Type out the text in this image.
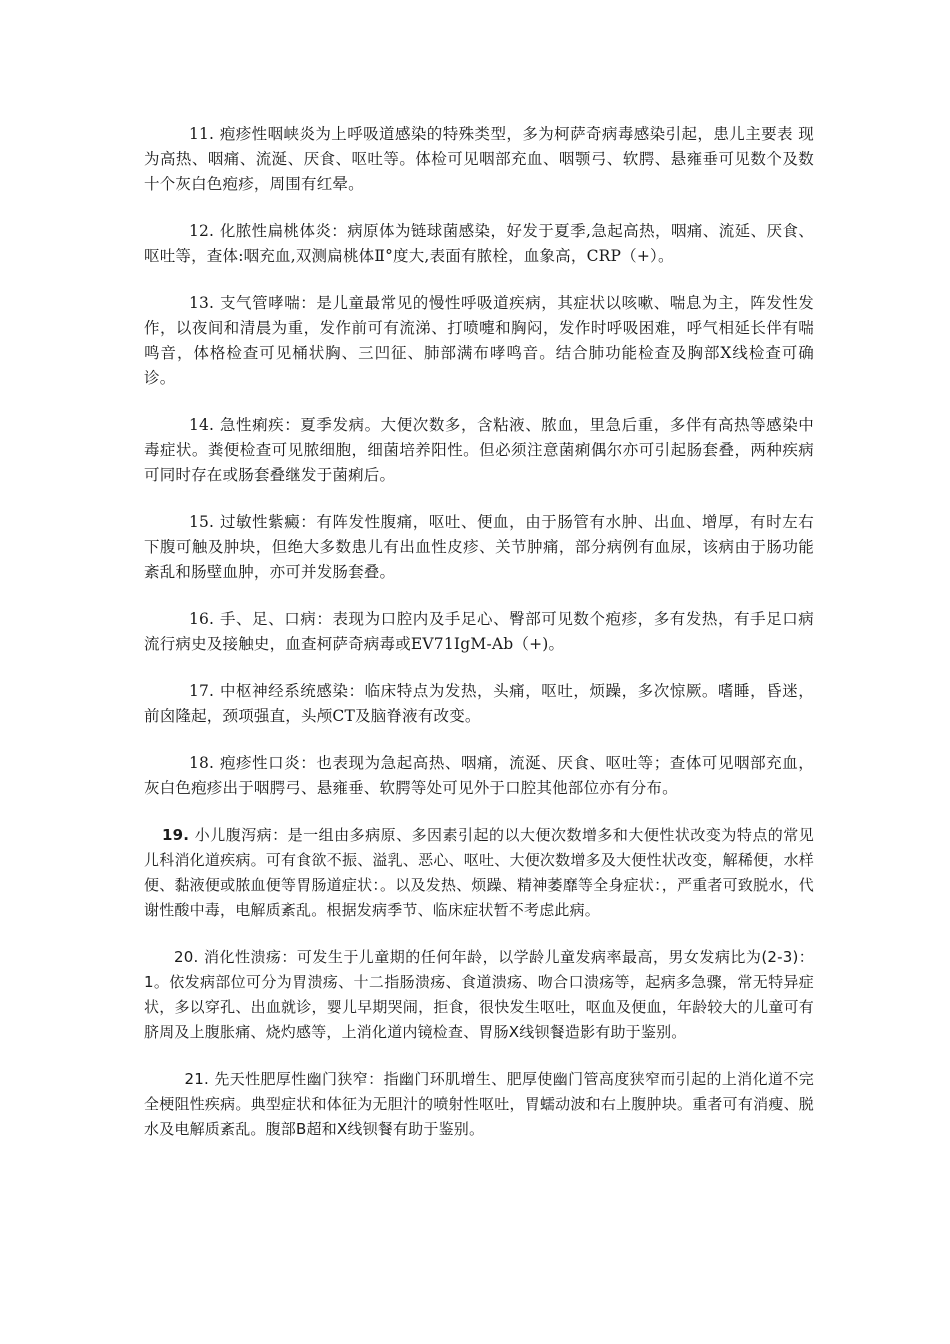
11. 疱疹性咽峡炎为上呼吸道感染的特殊类型，多为柯萨奇病毒感染引起，患儿主要表 现为高热、咽痛、流涎、厌食、呕吐等。体检可见咽部充血、咽颚弓、软腭、悬雍垂可见数个及数十个灰白色疱疹，周围有红晕。

12. 化脓性扁桃体炎：病原体为链球菌感染，好发于夏季,急起高热，咽痛、流延、厌食、呕吐等，查体:咽充血,双测扁桃体Ⅱ°度大,表面有脓栓，血象高，CRP（+）。

13. 支气管哮喘：是儿童最常见的慢性呼吸道疾病，其症状以咳嗽、喘息为主，阵发性发作，以夜间和清晨为重，发作前可有流涕、打喷嚏和胸闷，发作时呼吸困难，呼气相延长伴有喘鸣音，体格检查可见桶状胸、三凹征、肺部满布哮鸣音。结合肺功能检查及胸部X线检查可确诊。

14. 急性痢疾：夏季发病。大便次数多，含粘液、脓血，里急后重，多伴有高热等感染中毒症状。粪便检查可见脓细胞，细菌培养阳性。但必须注意菌痢偶尔亦可引起肠套叠，两种疾病可同时存在或肠套叠继发于菌痢后。

15. 过敏性紫癜：有阵发性腹痛，呕吐、便血，由于肠管有水肿、出血、增厚，有时左右下腹可触及肿块，但绝大多数患儿有出血性皮疹、关节肿痛，部分病例有血尿，该病由于肠功能紊乱和肠壁血肿，亦可并发肠套叠。

16. 手、足、口病：表现为口腔内及手足心、臀部可见数个疱疹，多有发热，有手足口病流行病史及接触史，血查柯萨奇病毒或EV71IgM-Ab（+)。

17. 中枢神经系统感染：临床特点为发热，头痛，呕吐，烦躁，多次惊厥。嗜睡，昏迷，前囟隆起，颈项强直，头颅CT及脑脊液有改变。

18. 疱疹性口炎：也表现为急起高热、咽痛，流涎、厌食、呕吐等；查体可见咽部充血，灰白色疱疹出于咽腭弓、悬雍垂、软腭等处可见外于口腔其他部位亦有分布。

19. 小儿腹泻病：是一组由多病原、多因素引起的以大便次数增多和大便性状改变为特点的常见儿科消化道疾病。可有食欲不振、溢乳、恶心、呕吐、大便次数增多及大便性状改变，解稀便，水样便、黏液便或脓血便等胃肠道症状：。以及发热、烦躁、精神萎靡等全身症状：，严重者可致脱水，代谢性酸中毒，电解质紊乱。根据发病季节、临床症状暂不考虑此病。

20. 消化性溃疡：可发生于儿童期的任何年龄，以学龄儿童发病率最高，男女发病比为(2-3)：1。依发病部位可分为胃溃疡、十二指肠溃疡、食道溃疡、吻合口溃疡等，起病多急骤，常无特异症状，多以穿孔、出血就诊，婴儿早期哭闹，拒食，很快发生呕吐，呕血及便血，年龄较大的儿童可有脐周及上腹胀痛、烧灼感等，上消化道内镜检查、胃肠X线钡餐造影有助于鉴别。

21. 先天性肥厚性幽门狭窄：指幽门环肌增生、肥厚使幽门管高度狭窄而引起的上消化道不完全梗阻性疾病。典型症状和体征为无胆汁的喷射性呕吐，胃蠕动波和右上腹肿块。重者可有消瘦、脱水及电解质紊乱。腹部B超和X线钡餐有助于鉴别。
